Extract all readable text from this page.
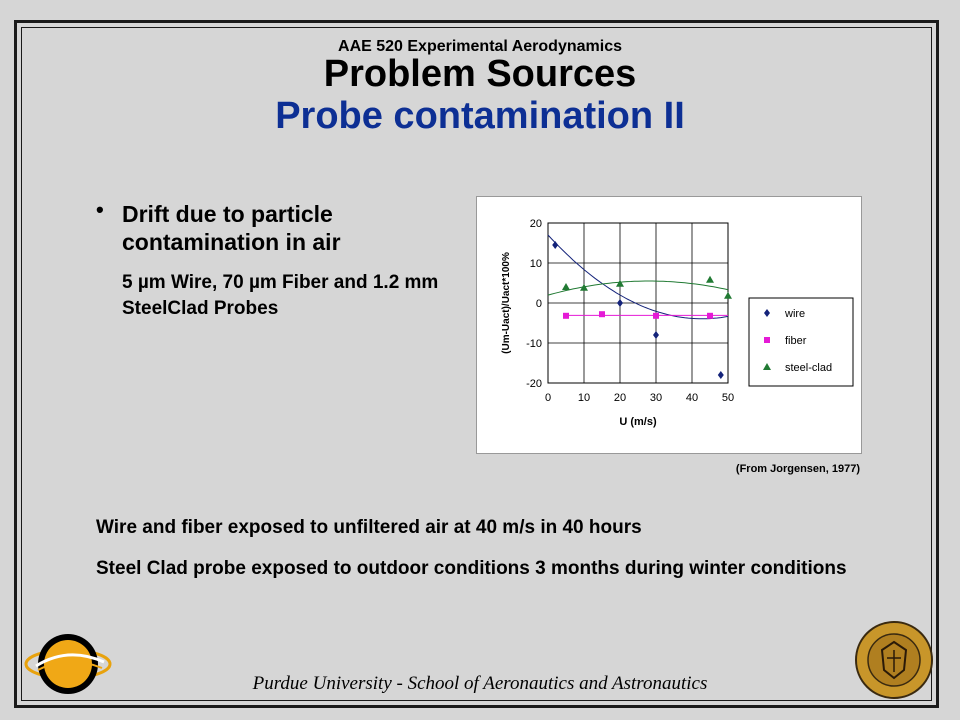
AAE 520 Experimental Aerodynamics
Problem Sources
Probe contamination II
• Drift due to particle contamination in air
5 µm Wire, 70 µm Fiber and 1.2 mm SteelClad Probes
0 10 20 30 40 50
20
10
0
-10
-20
U (m/s)
(Um-Uact)/Uact*100%	wire
fiber
steel-clad
(From Jorgensen, 1977)
Wire and fiber exposed to unfiltered air at 40 m/s in 40 hours
Steel Clad probe exposed to outdoor conditions 3 months during winter conditions
Purdue University - School of Aeronautics and Astronautics
